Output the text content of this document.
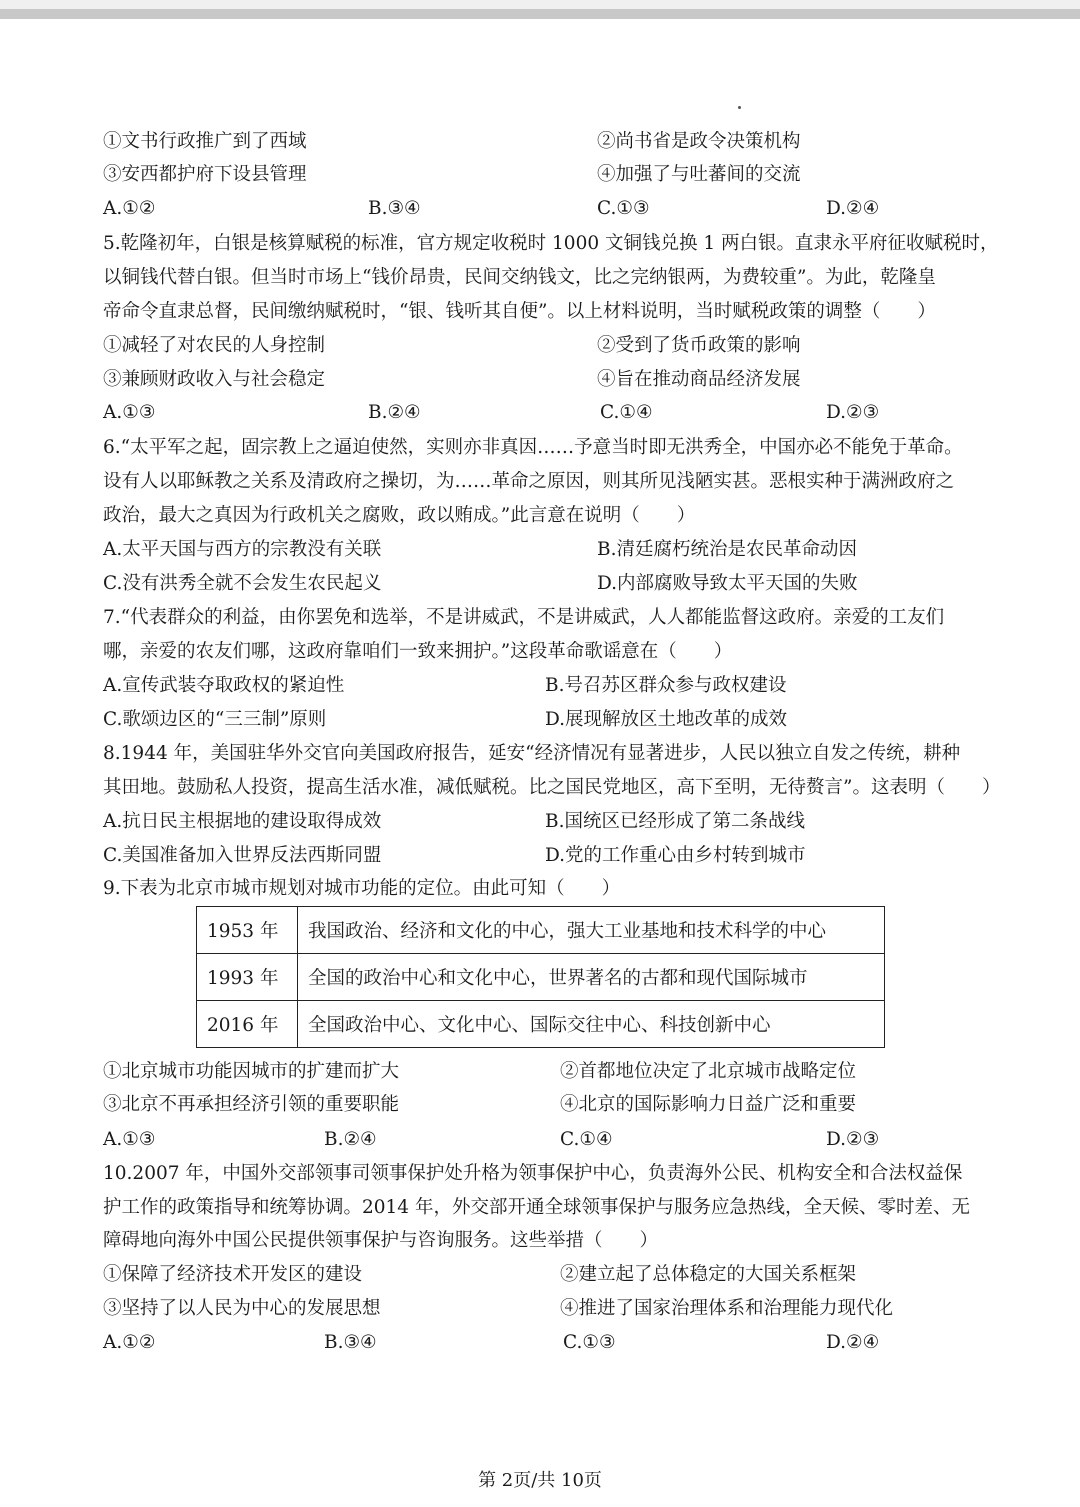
①文书行政推广到了西域	②尚书省是政令决策机构
③安西都护府下设县管理	④加强了与吐蕃间的交流
A.①②	B.③④	C.①③	D.②④
5.乾隆初年，白银是核算赋税的标准，官方规定收税时 1000 文铜钱兑换 1 两白银。直隶永平府征收赋税时，
以铜钱代替白银。但当时市场上“钱价昂贵，民间交纳钱文，比之完纳银两，为费较重”。为此，乾隆皇
帝命令直隶总督，民间缴纳赋税时，“银、钱听其自便”。以上材料说明，当时赋税政策的调整（　　）
①减轻了对农民的人身控制	②受到了货币政策的影响
③兼顾财政收入与社会稳定	④旨在推动商品经济发展
A.①③	B.②④	C.①④	D.②③
6.“太平军之起，固宗教上之逼迫使然，实则亦非真因……予意当时即无洪秀全，中国亦必不能免于革命。
设有人以耶稣教之关系及清政府之操切，为……革命之原因，则其所见浅陋实甚。恶根实种于满洲政府之
政治，最大之真因为行政机关之腐败，政以贿成。”此言意在说明（　　）
A.太平天国与西方的宗教没有关联	B.清廷腐朽统治是农民革命动因
C.没有洪秀全就不会发生农民起义	D.内部腐败导致太平天国的失败
7.“代表群众的利益，由你罢免和选举，不是讲威武，不是讲威武，人人都能监督这政府。亲爱的工友们
哪，亲爱的农友们哪，这政府靠咱们一致来拥护。”这段革命歌谣意在（　　）
A.宣传武装夺取政权的紧迫性	B.号召苏区群众参与政权建设
C.歌颂边区的“三三制”原则	D.展现解放区土地改革的成效
8.1944 年，美国驻华外交官向美国政府报告，延安“经济情况有显著进步，人民以独立自发之传统，耕种
其田地。鼓励私人投资，提高生活水准，减低赋税。比之国民党地区，高下至明，无待赘言”。这表明（　　）
A.抗日民主根据地的建设取得成效	B.国统区已经形成了第二条战线
C.美国准备加入世界反法西斯同盟	D.党的工作重心由乡村转到城市
9.下表为北京市城市规划对城市功能的定位。由此可知（　　）
1953 年	我国政治、经济和文化的中心，强大工业基地和技术科学的中心
1993 年	全国的政治中心和文化中心，世界著名的古都和现代国际城市
2016 年	全国政治中心、文化中心、国际交往中心、科技创新中心
①北京城市功能因城市的扩建而扩大	②首都地位决定了北京城市战略定位
③北京不再承担经济引领的重要职能	④北京的国际影响力日益广泛和重要
A.①③	B.②④	C.①④	D.②③
10.2007 年，中国外交部领事司领事保护处升格为领事保护中心，负责海外公民、机构安全和合法权益保
护工作的政策指导和统筹协调。2014 年，外交部开通全球领事保护与服务应急热线，全天候、零时差、无
障碍地向海外中国公民提供领事保护与咨询服务。这些举措（　　）
①保障了经济技术开发区的建设	②建立起了总体稳定的大国关系框架
③坚持了以人民为中心的发展思想	④推进了国家治理体系和治理能力现代化
A.①②	B.③④	C.①③	D.②④
第 2页/共 10页
